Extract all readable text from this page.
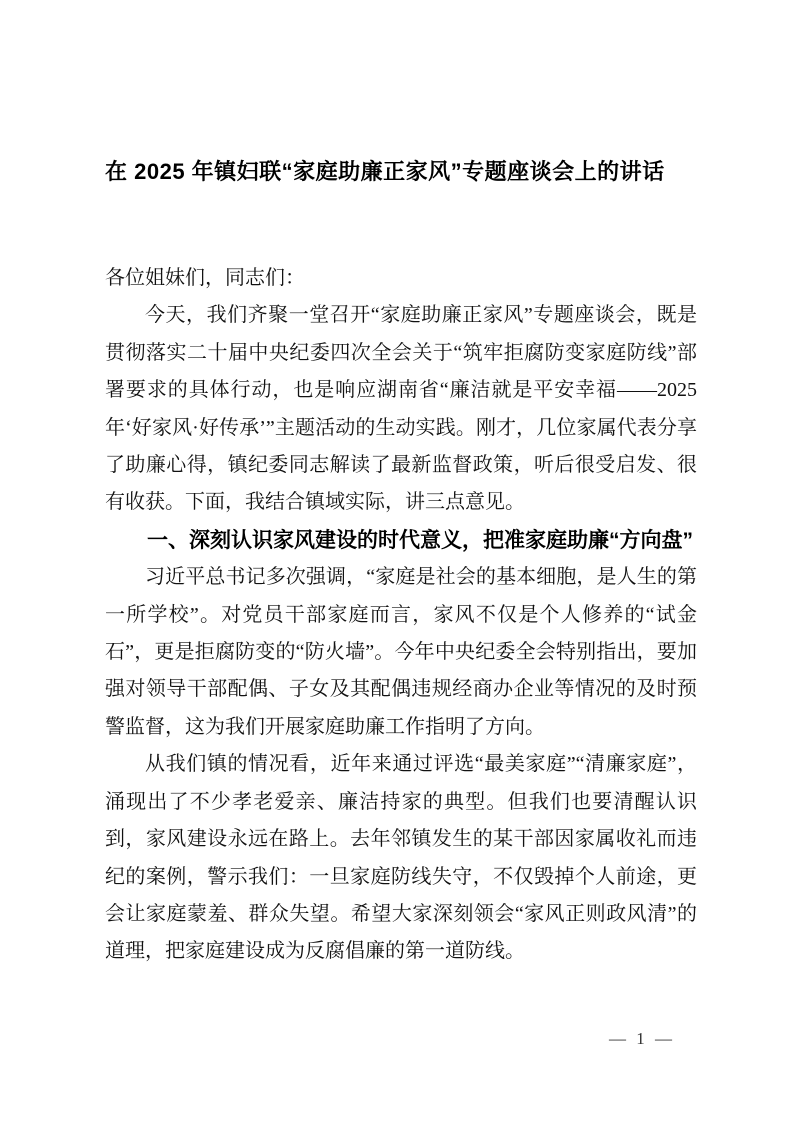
在 2025 年镇妇联“家庭助廉正家风”专题座谈会上的讲话

各位姐妹们，同志们：

今天，我们齐聚一堂召开“家庭助廉正家风”专题座谈会，既是贯彻落实二十届中央纪委四次全会关于“筑牢拒腐防变家庭防线”部署要求的具体行动，也是响应湖南省“廉洁就是平安幸福——2025 年‘好家风·好传承’”主题活动的生动实践。刚才，几位家属代表分享了助廉心得，镇纪委同志解读了最新监督政策，听后很受启发、很有收获。下面，我结合镇域实际，讲三点意见。

一、深刻认识家风建设的时代意义，把准家庭助廉“方向盘”

习近平总书记多次强调，“家庭是社会的基本细胞，是人生的第一所学校”。对党员干部家庭而言，家风不仅是个人修养的“试金石”，更是拒腐防变的“防火墙”。今年中央纪委全会特别指出，要加强对领导干部配偶、子女及其配偶违规经商办企业等情况的及时预警监督，这为我们开展家庭助廉工作指明了方向。

从我们镇的情况看，近年来通过评选“最美家庭”“清廉家庭”，涌现出了不少孝老爱亲、廉洁持家的典型。但我们也要清醒认识到，家风建设永远在路上。去年邻镇发生的某干部因家属收礼而违纪的案例，警示我们：一旦家庭防线失守，不仅毁掉个人前途，更会让家庭蒙羞、群众失望。希望大家深刻领会“家风正则政风清”的道理，把家庭建设成为反腐倡廉的第一道防线。

— 1 —
